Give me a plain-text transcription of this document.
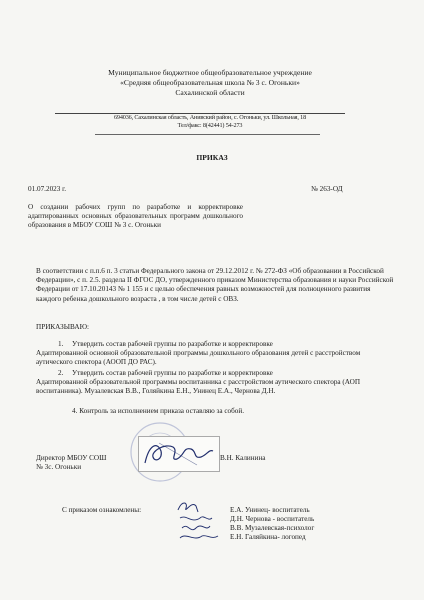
Муниципальное бюджетное общеобразовательное учреждение
«Средняя общеобразовательная школа № 3 с. Огоньки»
Сахалинской области
694036, Сахалинская область, Анивский район, с. Огоньки, ул. Школьная, 18
Тел/факс: 8(42441) 54-273
ПРИКАЗ
01.07.2023 г.	№ 263-ОД
О создании рабочих групп по разработке и корректировке адаптированных основных образовательных программ дошкольного образования в МБОУ СОШ № 3 с. Огоньки
В соответствии с п.п.6 п. 3 статьи Федерального закона от 29.12.2012 г. № 272-ФЗ «Об образовании в Российской Федерации», с п. 2.5. раздела II ФГОС ДО, утвержденного приказом Министерства образования и науки Российской Федерации от 17.10.20143 № 1 155 и с целью обеспечения равных возможностей для полноценного развития каждого ребенка дошкольного возраста , в том числе детей с ОВЗ.
ПРИКАЗЫВАЮ:
1. Утвердить состав рабочей группы по разработке и корректировке
Адаптированной основной образовательной программы дошкольного образования детей с расстройством аутического спектора (АООП ДО РАС).
2. Утвердить состав рабочей группы по разработке и корректировке
Адаптированной образовательной программы воспитанника с расстройством аутического спектора (АОП воспитанника). Музалевская В.В., Голяйкина Е.Н., Унинец Е.А., Чернова Д.Н.
4. Контроль за исполнением приказа оставляю за собой.
Директор МБОУ СОШ
№ 3с. Огоньки
В.Н. Калинина
С приказом ознакомлены:	Е.А. Унинец- воспитатель
Д.Н. Чернова - воспитатель
В.В. Музалевская-психолог
Е.Н. Галяйкина- логопед
